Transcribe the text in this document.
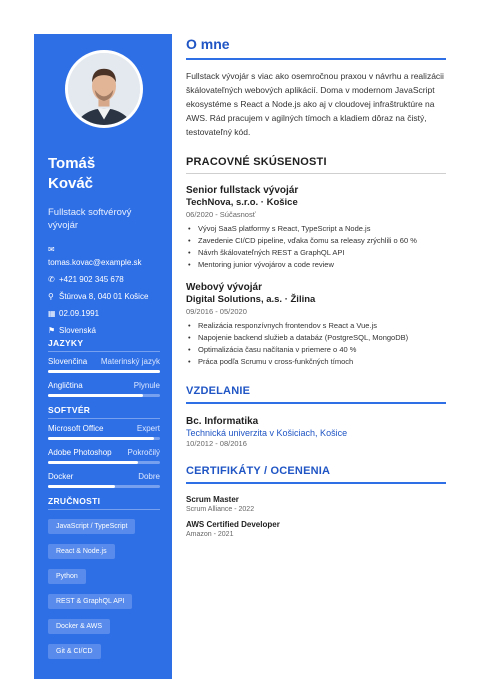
Tomáš
Kováč
Fullstack softvérový vývojár
✉
tomas.kovac@example.sk
✆ +421 902 345 678
⚲ Štúrova 8, 040 01 Košice
▦ 02.09.1991
⚑ Slovenská
JAZYKY
Slovenčina Materinský jazyk
Angličtina	Plynule
SOFTVÉR
Microsoft Office	Expert
Adobe Photoshop Pokročilý
Docker	Dobre
ZRUČNOSTI
JavaScript / TypeScriptReact & Node.jsPythonREST & GraphQL APIDocker & AWSGit & CI/CD
O mne
Fullstack vývojár s viac ako osemročnou praxou v návrhu a realizácii škálovateľných webových aplikácií. Doma v modernom JavaScript ekosystéme s React a Node.js ako aj v cloudovej infraštruktúre na AWS. Rád pracujem v agilných tímoch a kladiem dôraz na čistý, testovateľný kód.
PRACOVNÉ SKÚSENOSTI
Senior fullstack vývojár
TechNova, s.r.o. · Košice
06/2020 - Súčasnosť
• Vývoj SaaS platformy s React, TypeScript a Node.js
• Zavedenie CI/CD pipeline, vďaka čomu sa releasy zrýchlili o 60 %
• Návrh škálovateľných REST a GraphQL API
• Mentoring junior vývojárov a code review
Webový vývojár
Digital Solutions, a.s. · Žilina
09/2016 - 05/2020
• Realizácia responzívnych frontendov s React a Vue.js
• Napojenie backend služieb a databáz (PostgreSQL, MongoDB)
• Optimalizácia času načítania v priemere o 40 %
• Práca podľa Scrumu v cross-funkčných tímoch
VZDELANIE
Bc. Informatika
Technická univerzita v Košiciach, Košice
10/2012 - 08/2016
CERTIFIKÁTY / OCENENIA
Scrum Master
Scrum Alliance - 2022
AWS Certified Developer
Amazon - 2021
